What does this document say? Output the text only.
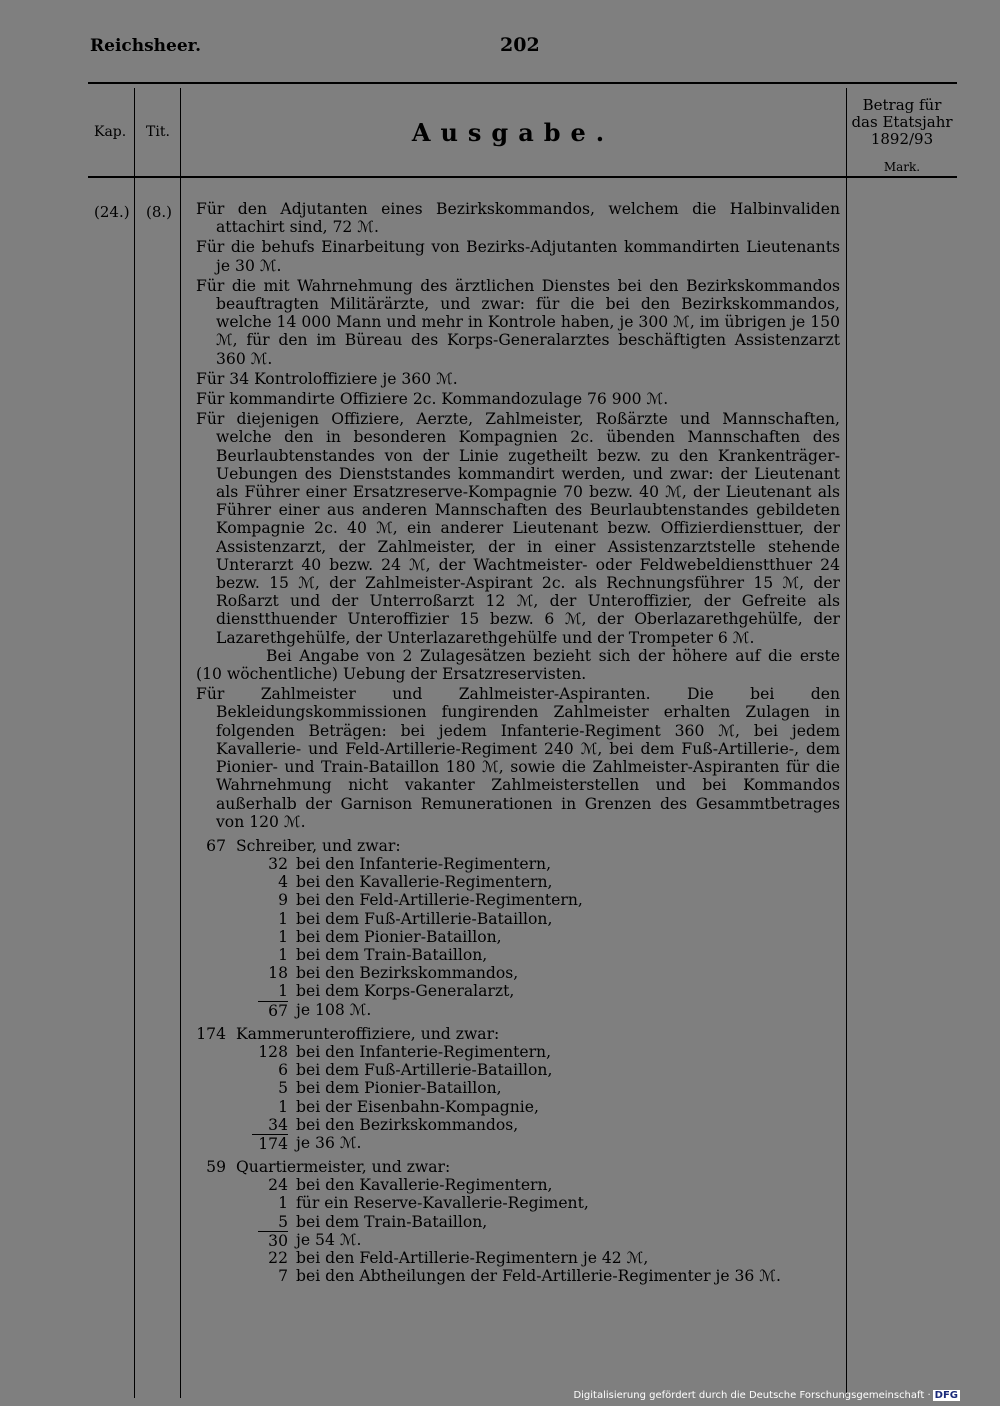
Reichsheer.	202
Kap. Tit.	Ausgabe.
Betrag für
das Etatsjahr
1892/93
Mark.
(24.) (8.) Für den Adjutanten eines Bezirkskommandos, welchem die Halbinvaliden attachirt sind, 72 ℳ.

Für die behufs Einarbeitung von Bezirks-Adjutanten kommandirten Lieutenants je 30 ℳ.

Für die mit Wahrnehmung des ärztlichen Dienstes bei den Bezirkskommandos beauftragten Militärärzte, und zwar: für die bei den Bezirkskommandos, welche 14 000 Mann und mehr in Kontrole haben, je 300 ℳ, im übrigen je 150 ℳ, für den im Büreau des Korps-Generalarztes beschäftigten Assistenzarzt 360 ℳ.

Für 34 Kontroloffiziere je 360 ℳ.

Für kommandirte Offiziere 2c. Kommandozulage 76 900 ℳ.

Für diejenigen Offiziere, Aerzte, Zahlmeister, Roßärzte und Mannschaften, welche den in besonderen Kompagnien 2c. übenden Mannschaften des Beurlaubtenstandes von der Linie zugetheilt bezw. zu den Krankenträger-Uebungen des Dienststandes kommandirt werden, und zwar: der Lieutenant als Führer einer Ersatzreserve-Kompagnie 70 bezw. 40 ℳ, der Lieutenant als Führer einer aus anderen Mannschaften des Beurlaubtenstandes gebildeten Kompagnie 2c. 40 ℳ, ein anderer Lieutenant bezw. Offizierdiensttuer, der Assistenzarzt, der Zahlmeister, der in einer Assistenzarztstelle stehende Unterarzt 40 bezw. 24 ℳ, der Wachtmeister- oder Feldwebeldienstthuer 24 bezw. 15 ℳ, der Zahlmeister-Aspirant 2c. als Rechnungsführer 15 ℳ, der Roßarzt und der Unterroßarzt 12 ℳ, der Unteroffizier, der Gefreite als dienstthuender Unteroffizier 15 bezw. 6 ℳ, der Oberlazarethgehülfe, der Lazarethgehülfe, der Unterlazarethgehülfe und der Trompeter 6 ℳ.

Bei Angabe von 2 Zulagesätzen bezieht sich der höhere auf die erste (10 wöchentliche) Uebung der Ersatzreservisten.

Für Zahlmeister und Zahlmeister-Aspiranten. Die bei den Bekleidungskommissionen fungirenden Zahlmeister erhalten Zulagen in folgenden Beträgen: bei jedem Infanterie-Regiment 360 ℳ, bei jedem Kavallerie- und Feld-Artillerie-Regiment 240 ℳ, bei dem Fuß-Artillerie-, dem Pionier- und Train-Bataillon 180 ℳ, sowie die Zahlmeister-Aspiranten für die Wahrnehmung nicht vakanter Zahlmeisterstellen und bei Kommandos außerhalb der Garnison Remunerationen in Grenzen des Gesammtbetrages von 120 ℳ.

67 Schreiber, und zwar:
32 bei den Infanterie-Regimentern,
4 bei den Kavallerie-Regimentern,
9 bei den Feld-Artillerie-Regimentern,
1 bei dem Fuß-Artillerie-Bataillon,
1 bei dem Pionier-Bataillon,
1 bei dem Train-Bataillon,
18 bei den Bezirkskommandos,
1 bei dem Korps-Generalarzt,
67 je 108 ℳ.
174 Kammerunteroffiziere, und zwar:
128 bei den Infanterie-Regimentern,
6 bei dem Fuß-Artillerie-Bataillon,
5 bei dem Pionier-Bataillon,
1 bei der Eisenbahn-Kompagnie,
34 bei den Bezirkskommandos,
174 je 36 ℳ.
59 Quartiermeister, und zwar:
24 bei den Kavallerie-Regimentern,
1 für ein Reserve-Kavallerie-Regiment,
5 bei dem Train-Bataillon,
30 je 54 ℳ.
22 bei den Feld-Artillerie-Regimentern je 42 ℳ,
7 bei den Abtheilungen der Feld-Artillerie-Regimenter je 36 ℳ.
Digitalisierung gefördert durch die Deutsche Forschungsgemeinschaft · DFG
